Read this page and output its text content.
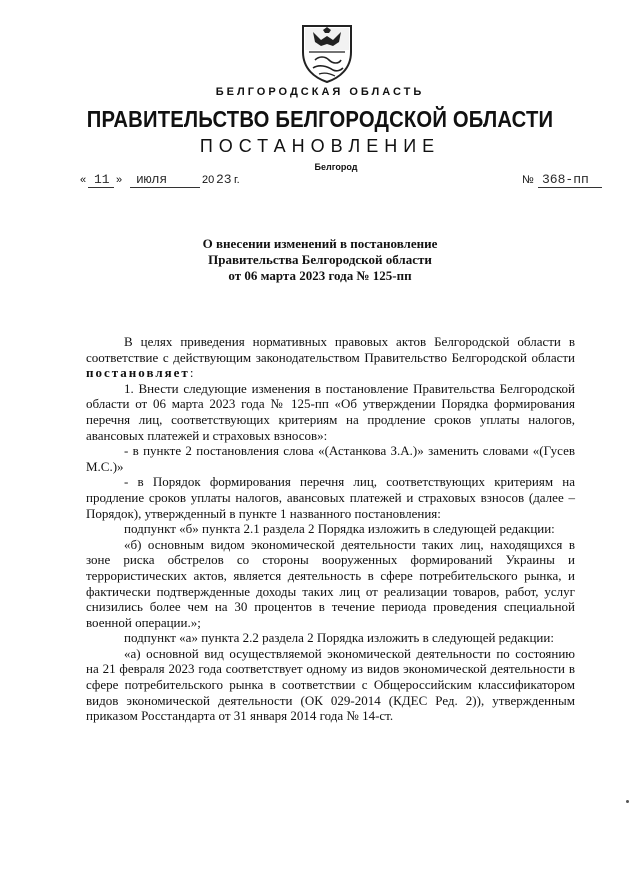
БЕЛГОРОДСКАЯ ОБЛАСТЬ
ПРАВИТЕЛЬСТВО БЕЛГОРОДСКОЙ ОБЛАСТИ
ПОСТАНОВЛЕНИЕ
Белгород
« 11 » июля	20 23 г.	№ 368-пп
О внесении изменений в постановление
Правительства Белгородской области
от 06 марта 2023 года № 125-пп

В целях приведения нормативных правовых актов Белгородской области в соответствие с действующим законодательством Правительство Белгородской области постановляет:

1. Внести следующие изменения в постановление Правительства Белгородской области от 06 марта 2023 года № 125-пп «Об утверждении Порядка формирования перечня лиц, соответствующих критериям на продление сроков уплаты налогов, авансовых платежей и страховых взносов»:

- в пункте 2 постановления слова «(Астанкова З.А.)» заменить словами «(Гусев М.С.)»

- в Порядок формирования перечня лиц, соответствующих критериям на продление сроков уплаты налогов, авансовых платежей и страховых взносов (далее – Порядок), утвержденный в пункте 1 названного постановления:

подпункт «б» пункта 2.1 раздела 2 Порядка изложить в следующей редакции:

«б) основным видом экономической деятельности таких лиц, находящихся в зоне риска обстрелов со стороны вооруженных формирований Украины и террористических актов, является деятельность в сфере потребительского рынка, и фактически подтвержденные доходы таких лиц от реализации товаров, работ, услуг снизились более чем на 30 процентов в течение периода проведения специальной военной операции.»;

подпункт «а» пункта 2.2 раздела 2 Порядка изложить в следующей редакции:

«а) основной вид осуществляемой экономической деятельности по состоянию на 21 февраля 2023 года соответствует одному из видов экономической деятельности в сфере потребительского рынка в соответствии с Общероссийским классификатором видов экономической деятельности (ОК 029-2014 (КДЕС Ред. 2)), утвержденным приказом Росстандарта от 31 января 2014 года № 14-ст.
